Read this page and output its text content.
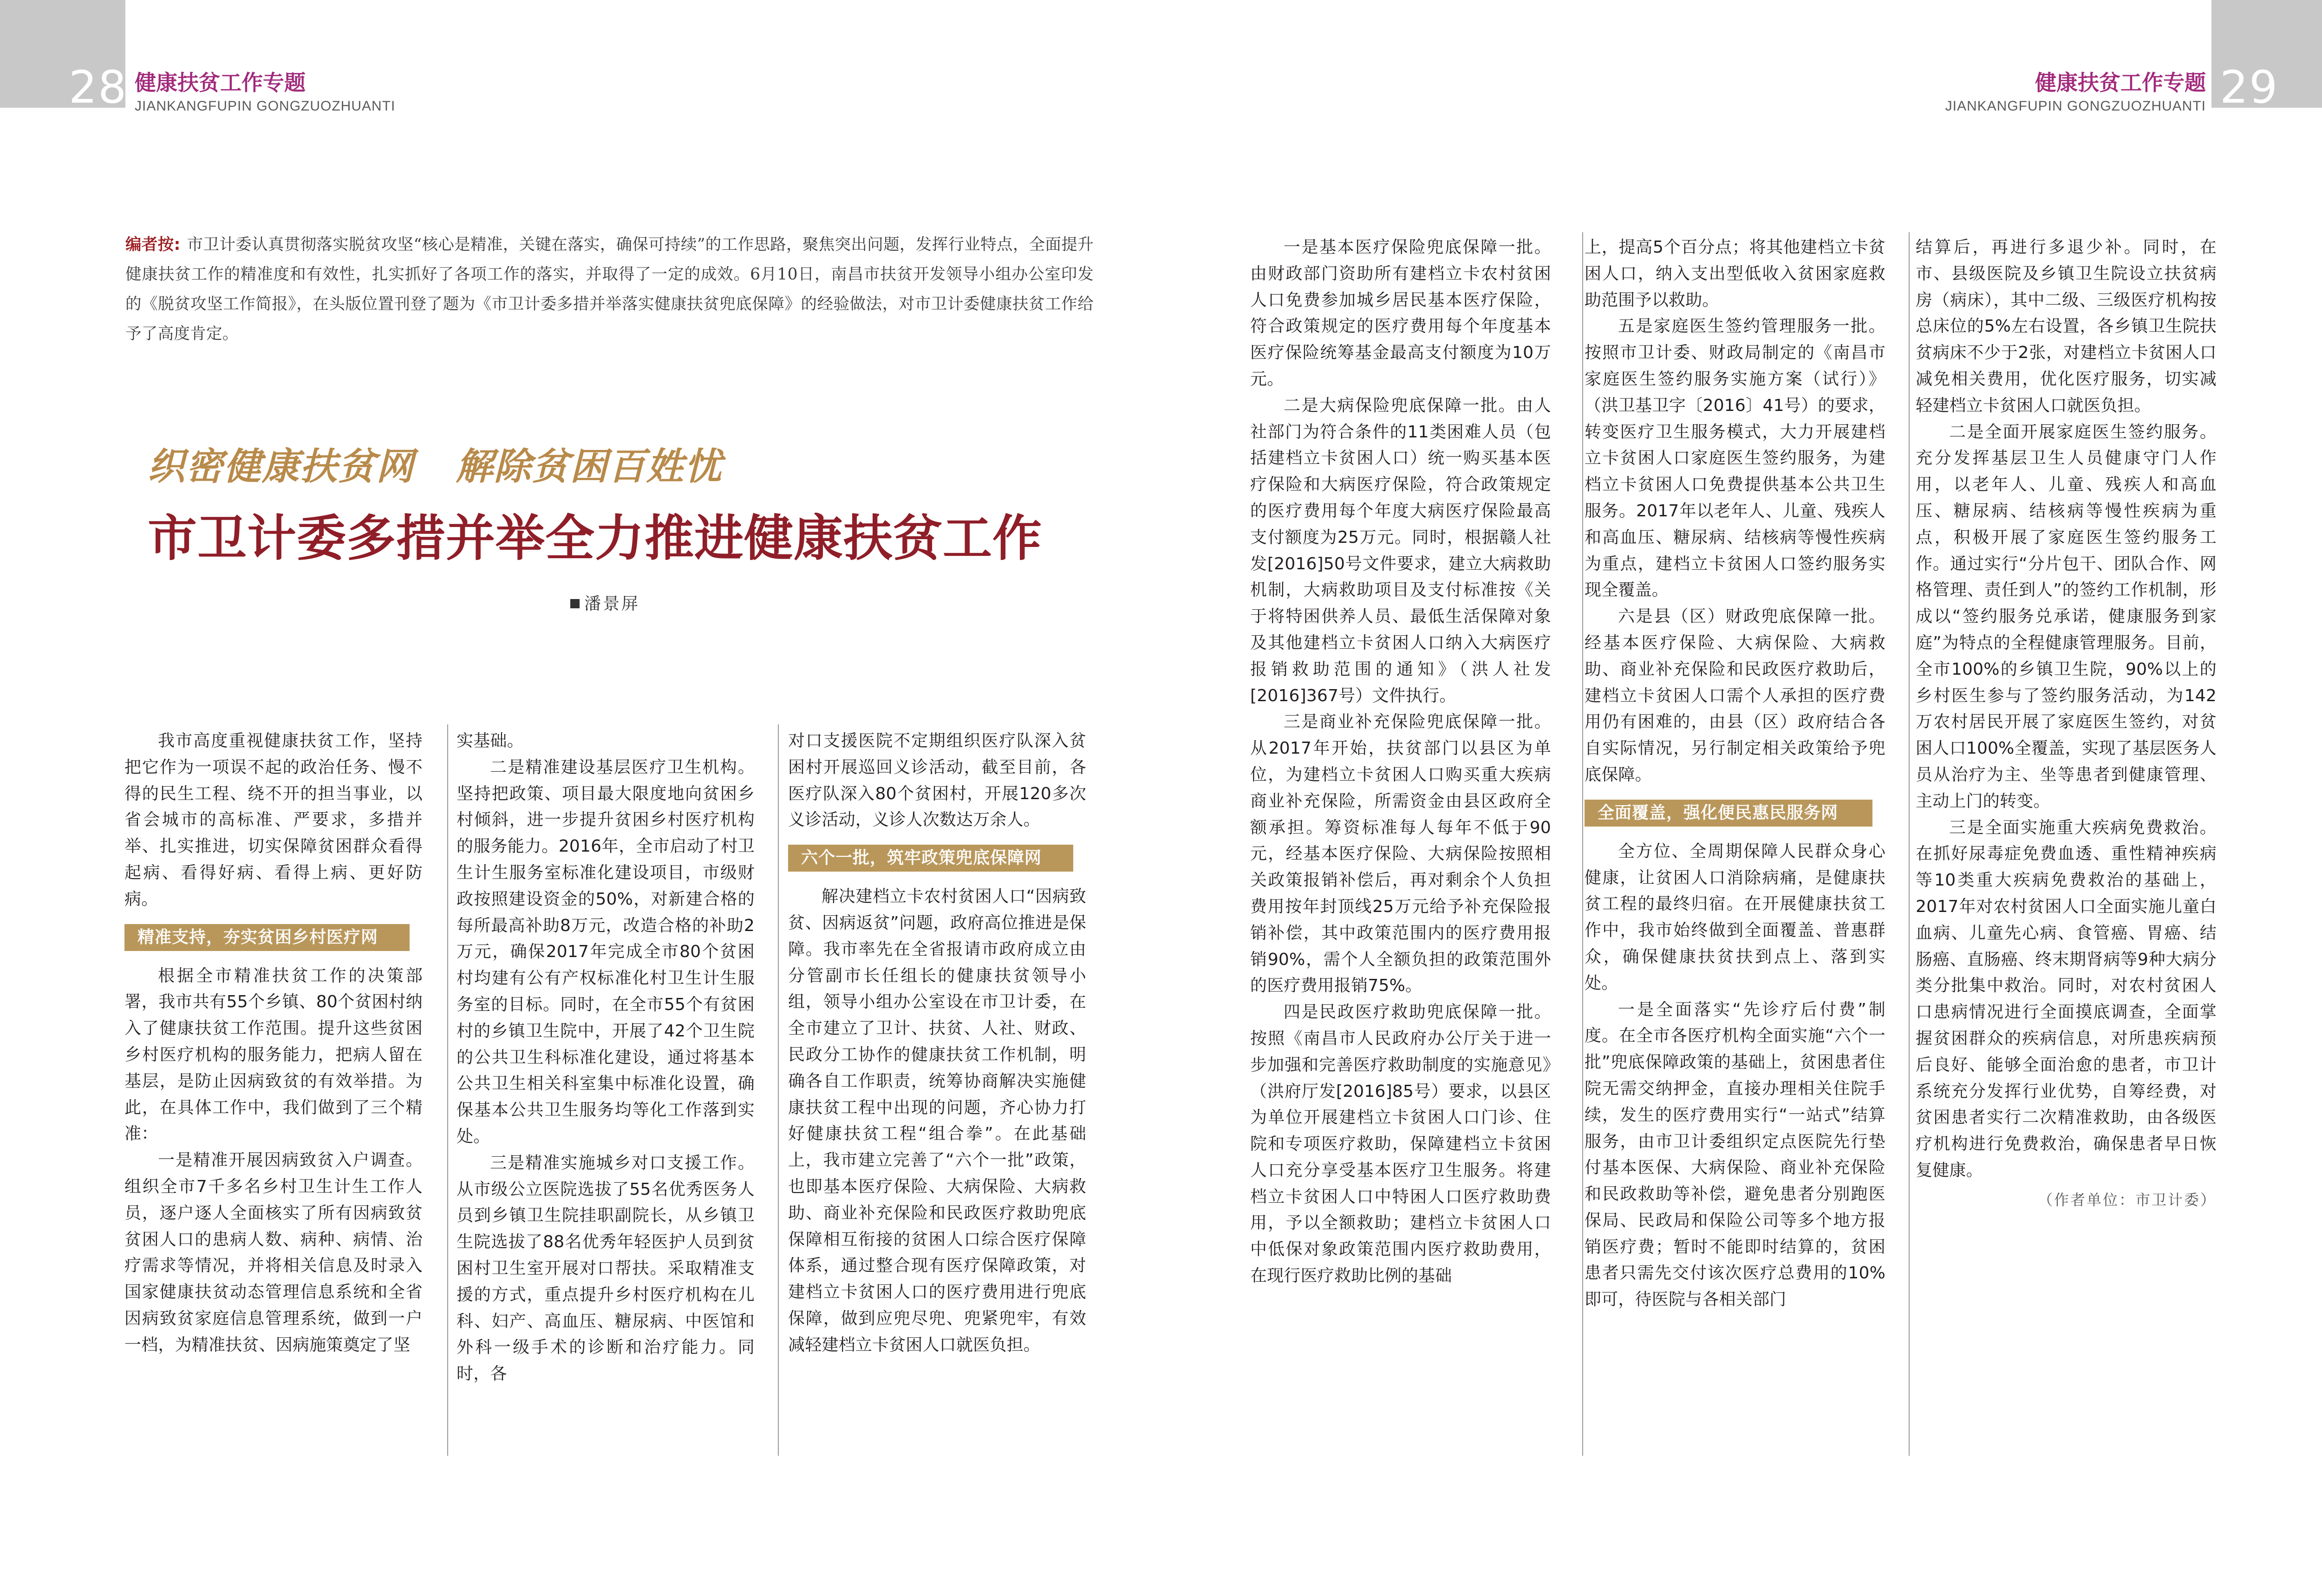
28 健康扶贫工作专题
JIANKANGFUPIN GONGZUOZHUANTI	29
健康扶贫工作专题
JIANKANGFUPIN GONGZUOZHUANTI
编者按: 市卫计委认真贯彻落实脱贫攻坚“核心是精准，关键在落实，确保可持续”的工作思路，聚焦突出问题，发挥行业特点，全面提升健康扶贫工作的精准度和有效性，扎实抓好了各项工作的落实，并取得了一定的成效。6月10日，南昌市扶贫开发领导小组办公室印发的《脱贫攻坚工作简报》，在头版位置刊登了题为《市卫计委多措并举落实健康扶贫兜底保障》的经验做法，对市卫计委健康扶贫工作给予了高度肯定。
织密健康扶贫网   解除贫困百姓忧
市卫计委多措并举全力推进健康扶贫工作
潘景屏

我市高度重视健康扶贫工作，坚持把它作为一项误不起的政治任务、慢不得的民生工程、绕不开的担当事业，以省会城市的高标准、严要求，多措并举、扎实推进，切实保障贫困群众看得起病、看得好病、看得上病、更好防病。

精准支持，夯实贫困乡村医疗网

根据全市精准扶贫工作的决策部署，我市共有55个乡镇、80个贫困村纳入了健康扶贫工作范围。提升这些贫困乡村医疗机构的服务能力，把病人留在基层，是防止因病致贫的有效举措。为此，在具体工作中，我们做到了三个精准：

一是精准开展因病致贫入户调查。组织全市7千多名乡村卫生计生工作人员，逐户逐人全面核实了所有因病致贫贫困人口的患病人数、病种、病情、治疗需求等情况，并将相关信息及时录入国家健康扶贫动态管理信息系统和全省因病致贫家庭信息管理系统，做到一户一档，为精准扶贫、因病施策奠定了坚

实基础。

二是精准建设基层医疗卫生机构。坚持把政策、项目最大限度地向贫困乡村倾斜，进一步提升贫困乡村医疗机构的服务能力。2016年，全市启动了村卫生计生服务室标准化建设项目，市级财政按照建设资金的50%，对新建合格的每所最高补助8万元，改造合格的补助2万元，确保2017年完成全市80个贫困村均建有公有产权标准化村卫生计生服务室的目标。同时，在全市55个有贫困村的乡镇卫生院中，开展了42个卫生院的公共卫生科标准化建设，通过将基本公共卫生相关科室集中标准化设置，确保基本公共卫生服务均等化工作落到实处。

三是精准实施城乡对口支援工作。从市级公立医院选拔了55名优秀医务人员到乡镇卫生院挂职副院长，从乡镇卫生院选拔了88名优秀年轻医护人员到贫困村卫生室开展对口帮扶。采取精准支援的方式，重点提升乡村医疗机构在儿科、妇产、高血压、糖尿病、中医馆和外科一级手术的诊断和治疗能力。同时，各

对口支援医院不定期组织医疗队深入贫困村开展巡回义诊活动，截至目前，各医疗队深入80个贫困村，开展120多次义诊活动，义诊人次数达万余人。

六个一批，筑牢政策兜底保障网

解决建档立卡农村贫困人口“因病致贫、因病返贫”问题，政府高位推进是保障。我市率先在全省报请市政府成立由分管副市长任组长的健康扶贫领导小组，领导小组办公室设在市卫计委，在全市建立了卫计、扶贫、人社、财政、民政分工协作的健康扶贫工作机制，明确各自工作职责，统筹协商解决实施健康扶贫工程中出现的问题，齐心协力打好健康扶贫工程“组合拳”。在此基础上，我市建立完善了“六个一批”政策，也即基本医疗保险、大病保险、大病救助、商业补充保险和民政医疗救助兜底保障相互衔接的贫困人口综合医疗保障体系，通过整合现有医疗保障政策，对建档立卡贫困人口的医疗费用进行兜底保障，做到应兜尽兜、兜紧兜牢，有效减轻建档立卡贫困人口就医负担。

一是基本医疗保险兜底保障一批。由财政部门资助所有建档立卡农村贫困人口免费参加城乡居民基本医疗保险，符合政策规定的医疗费用每个年度基本医疗保险统筹基金最高支付额度为10万元。

二是大病保险兜底保障一批。由人社部门为符合条件的11类困难人员（包括建档立卡贫困人口）统一购买基本医疗保险和大病医疗保险，符合政策规定的医疗费用每个年度大病医疗保险最高支付额度为25万元。同时，根据赣人社发[2016]50号文件要求，建立大病救助机制，大病救助项目及支付标准按《关于将特困供养人员、最低生活保障对象及其他建档立卡贫困人口纳入大病医疗报销救助范围的通知》（洪人社发[2016]367号）文件执行。

三是商业补充保险兜底保障一批。从2017年开始，扶贫部门以县区为单位，为建档立卡贫困人口购买重大疾病商业补充保险，所需资金由县区政府全额承担。筹资标准每人每年不低于90元，经基本医疗保险、大病保险按照相关政策报销补偿后，再对剩余个人负担费用按年封顶线25万元给予补充保险报销补偿，其中政策范围内的医疗费用报销90%，需个人全额负担的政策范围外的医疗费用报销75%。

四是民政医疗救助兜底保障一批。按照《南昌市人民政府办公厅关于进一步加强和完善医疗救助制度的实施意见》（洪府厅发[2016]85号）要求，以县区为单位开展建档立卡贫困人口门诊、住院和专项医疗救助，保障建档立卡贫困人口充分享受基本医疗卫生服务。将建档立卡贫困人口中特困人口医疗救助费用，予以全额救助；建档立卡贫困人口中低保对象政策范围内医疗救助费用，在现行医疗救助比例的基础

上，提高5个百分点；将其他建档立卡贫困人口，纳入支出型低收入贫困家庭救助范围予以救助。

五是家庭医生签约管理服务一批。按照市卫计委、财政局制定的《南昌市家庭医生签约服务实施方案（试行）》（洪卫基卫字〔2016〕41号）的要求，转变医疗卫生服务模式，大力开展建档立卡贫困人口家庭医生签约服务，为建档立卡贫困人口免费提供基本公共卫生服务。2017年以老年人、儿童、残疾人和高血压、糖尿病、结核病等慢性疾病为重点，建档立卡贫困人口签约服务实现全覆盖。

六是县（区）财政兜底保障一批。经基本医疗保险、大病保险、大病救助、商业补充保险和民政医疗救助后，建档立卡贫困人口需个人承担的医疗费用仍有困难的，由县（区）政府结合各自实际情况，另行制定相关政策给予兜底保障。

全面覆盖，强化便民惠民服务网

全方位、全周期保障人民群众身心健康，让贫困人口消除病痛，是健康扶贫工程的最终归宿。在开展健康扶贫工作中，我市始终做到全面覆盖、普惠群众，确保健康扶贫扶到点上、落到实处。

一是全面落实“先诊疗后付费”制度。在全市各医疗机构全面实施“六个一批”兜底保障政策的基础上，贫困患者住院无需交纳押金，直接办理相关住院手续，发生的医疗费用实行“一站式”结算服务，由市卫计委组织定点医院先行垫付基本医保、大病保险、商业补充保险和民政救助等补偿，避免患者分别跑医保局、民政局和保险公司等多个地方报销医疗费；暂时不能即时结算的，贫困患者只需先交付该次医疗总费用的10%即可，待医院与各相关部门

结算后，再进行多退少补。同时，在市、县级医院及乡镇卫生院设立扶贫病房（病床），其中二级、三级医疗机构按总床位的5%左右设置，各乡镇卫生院扶贫病床不少于2张，对建档立卡贫困人口减免相关费用，优化医疗服务，切实减轻建档立卡贫困人口就医负担。

二是全面开展家庭医生签约服务。充分发挥基层卫生人员健康守门人作用，以老年人、儿童、残疾人和高血压、糖尿病、结核病等慢性疾病为重点，积极开展了家庭医生签约服务工作。通过实行“分片包干、团队合作、网格管理、责任到人”的签约工作机制，形成以“签约服务兑承诺，健康服务到家庭”为特点的全程健康管理服务。目前，全市100%的乡镇卫生院，90%以上的乡村医生参与了签约服务活动，为142万农村居民开展了家庭医生签约，对贫困人口100%全覆盖，实现了基层医务人员从治疗为主、坐等患者到健康管理、主动上门的转变。

三是全面实施重大疾病免费救治。在抓好尿毒症免费血透、重性精神疾病等10类重大疾病免费救治的基础上，2017年对农村贫困人口全面实施儿童白血病、儿童先心病、食管癌、胃癌、结肠癌、直肠癌、终末期肾病等9种大病分类分批集中救治。同时，对农村贫困人口患病情况进行全面摸底调查，全面掌握贫困群众的疾病信息，对所患疾病预后良好、能够全面治愈的患者，市卫计系统充分发挥行业优势，自筹经费，对贫困患者实行二次精准救助，由各级医疗机构进行免费救治，确保患者早日恢复健康。

（作者单位：市卫计委）
